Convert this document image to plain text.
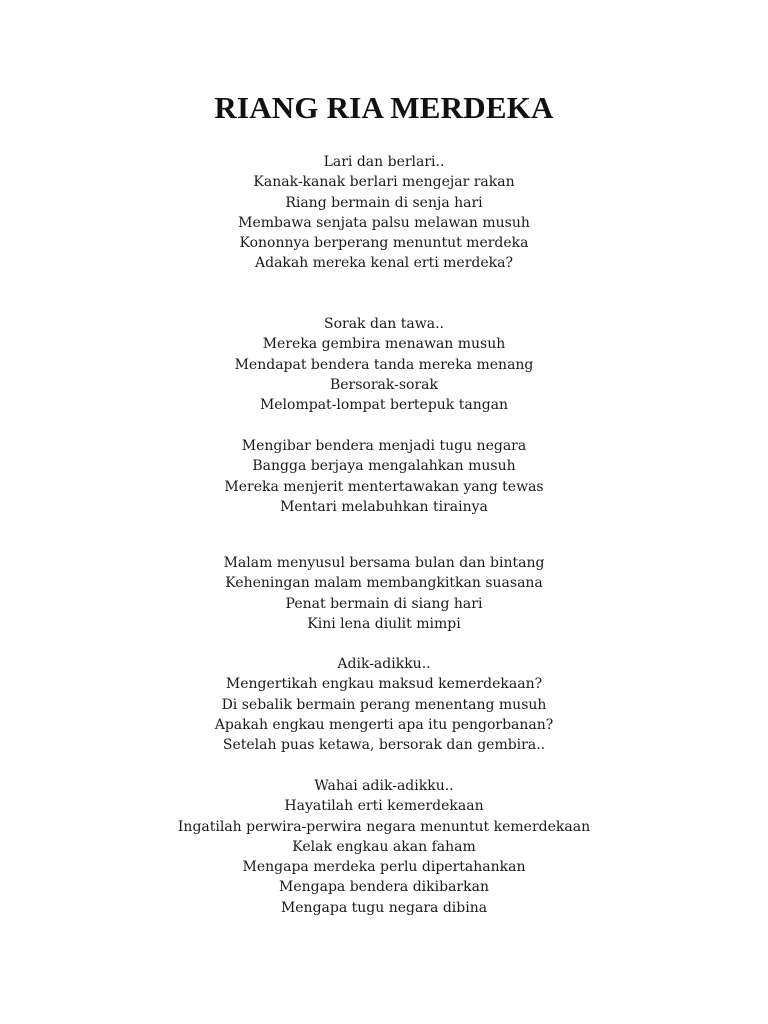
RIANG RIA MERDEKA
Lari dan berlari..
Kanak-kanak berlari mengejar rakan
Riang bermain di senja hari
Membawa senjata palsu melawan musuh
Kononnya berperang menuntut merdeka
Adakah mereka kenal erti merdeka?
Sorak dan tawa..
Mereka gembira menawan musuh
Mendapat bendera tanda mereka menang
Bersorak-sorak
Melompat-lompat bertepuk tangan
Mengibar bendera menjadi tugu negara
Bangga berjaya mengalahkan musuh
Mereka menjerit mentertawakan yang tewas
Mentari melabuhkan tirainya
Malam menyusul bersama bulan dan bintang
Keheningan malam membangkitkan suasana
Penat bermain di siang hari
Kini lena diulit mimpi
Adik-adikku..
Mengertikah engkau maksud kemerdekaan?
Di sebalik bermain perang menentang musuh
Apakah engkau mengerti apa itu pengorbanan?
Setelah puas ketawa, bersorak dan gembira..
Wahai adik-adikku..
Hayatilah erti kemerdekaan
Ingatilah perwira-perwira negara menuntut kemerdekaan
Kelak engkau akan faham
Mengapa merdeka perlu dipertahankan
Mengapa bendera dikibarkan
Mengapa tugu negara dibina
